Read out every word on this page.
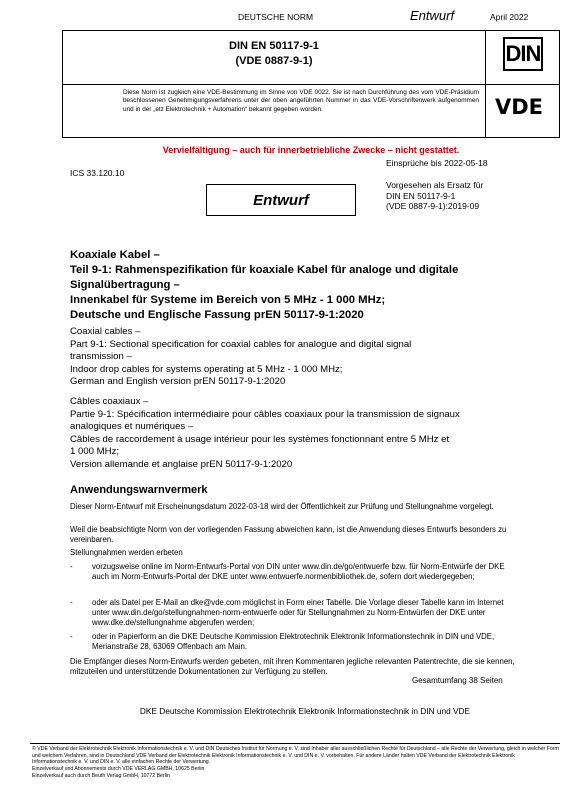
DEUTSCHE NORM	Entwurf	April 2022
DIN EN 50117-9-1
(VDE 0887-9-1)	DIN
Diese Norm ist zugleich eine VDE-Bestimmung im Sinne von VDE 0022. Sie ist nach Durchführung des vom VDE-Präsidium beschlossenen Genehmigungsverfahrens unter der oben angeführten Nummer in das VDE-Vorschriftenwerk aufgenommen und in der „etz Elektrotechnik + Automation“ bekannt gegeben worden.	VDE
Vervielfältigung – auch für innerbetriebliche Zwecke – nicht gestattet.
Einsprüche bis 2022-05-18
ICS 33.120.10
Vorgesehen als Ersatz für
DIN EN 50117-9-1
(VDE 0887-9-1):2019-09
Entwurf
Koaxiale Kabel –
Teil 9-1: Rahmenspezifikation für koaxiale Kabel für analoge und digitale
Signalübertragung –
Innenkabel für Systeme im Bereich von 5 MHz - 1 000 MHz;
Deutsche und Englische Fassung prEN 50117-9-1:2020
Coaxial cables –
Part 9-1: Sectional specification for coaxial cables for analogue and digital signal
transmission –
Indoor drop cables for systems operating at 5 MHz - 1 000 MHz;
German and English version prEN 50117-9-1:2020
Câbles coaxiaux –
Partie 9-1: Spécification intermédiaire pour câbles coaxiaux pour la transmission de signaux
analogiques et numériques –
Câbles de raccordement à usage intérieur pour les systèmes fonctionnant entre 5 MHz et
1 000 MHz;
Version allemande et anglaise prEN 50117-9-1:2020
Anwendungswarnvermerk
Dieser Norm-Entwurf mit Erscheinungsdatum 2022-03-18 wird der Öffentlichkeit zur Prüfung und Stellungnahme vorgelegt.
Weil die beabsichtigte Norm von der vorliegenden Fassung abweichen kann, ist die Anwendung dieses Entwurfs besonders zu vereinbaren.
Stellungnahmen werden erbeten
- vorzugsweise online im Norm-Entwurfs-Portal von DIN unter www.din.de/go/entwuerfe bzw. für Norm-Entwürfe der DKE auch im Norm-Entwurfs-Portal der DKE unter www.entwuerfe.normenbibliothek.de, sofern dort wiedergegeben;
- oder als Datei per E-Mail an dke@vde.com möglichst in Form einer Tabelle. Die Vorlage dieser Tabelle kann im Internet unter www.din.de/go/stellungnahmen-norm-entwuerfe oder für Stellungnahmen zu Norm-Entwürfen der DKE unter www.dke.de/stellungnahme abgerufen werden;
- oder in Papierform an die DKE Deutsche Kommission Elektrotechnik Elektronik Informationstechnik in DIN und VDE, Merianstraße 28, 63069 Offenbach am Main.
Die Empfänger dieses Norm-Entwurfs werden gebeten, mit ihren Kommentaren jegliche relevanten Patentrechte, die sie kennen, mitzuteilen und unterstützende Dokumentationen zur Verfügung zu stellen.
Gesamtumfang 38 Seiten
DKE Deutsche Kommission Elektrotechnik Elektronik Informationstechnik in DIN und VDE
© VDE Verband der Elektrotechnik Elektronik Informationstechnik e. V. und DIN Deutsches Institut für Normung e. V. sind Inhaber aller ausschließlichen Rechte für Deutschland – alle Rechte der Verwertung, gleich in welcher Form und welchem Verfahren, sind in Deutschland VDE Verband der Elektrotechnik Elektronik Informationstechnik e. V. und DIN e. V. vorbehalten. Für andere Länder halten VDE Verband der Elektrotechnik Elektronik Informationstechnik e. V. und DIN e. V. alle einfachen Rechte der Verwertung.
Einzelverkauf und Abonnements durch VDE VERLAG GMBH, 10625 Berlin
Einzelverkauf auch durch Beuth Verlag GmbH, 10772 Berlin
